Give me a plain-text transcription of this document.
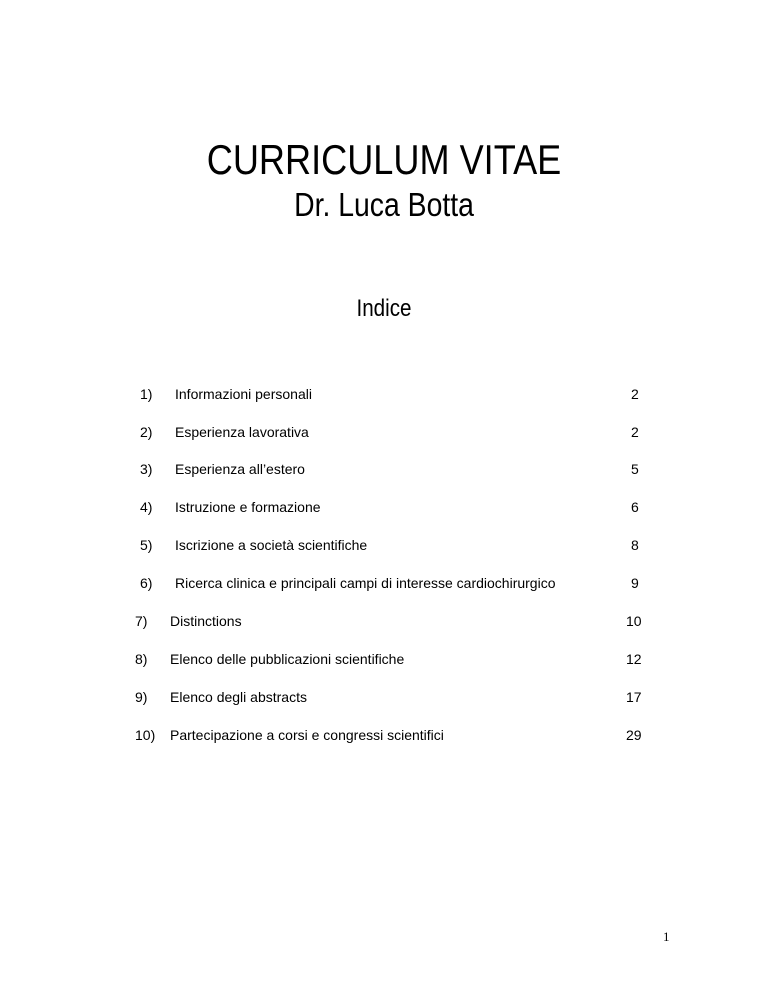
CURRICULUM VITAE
Dr. Luca Botta
Indice
1) Informazioni personali	2
2) Esperienza lavorativa	2
3) Esperienza all’estero	5
4) Istruzione e formazione	6
5) Iscrizione a società scientifiche	8
6) Ricerca clinica e principali campi di interesse cardiochirurgico	9
7) Distinctions	10
8) Elenco delle pubblicazioni scientifiche	12
9) Elenco degli abstracts	17
10) Partecipazione a corsi e congressi scientifici	29
1
